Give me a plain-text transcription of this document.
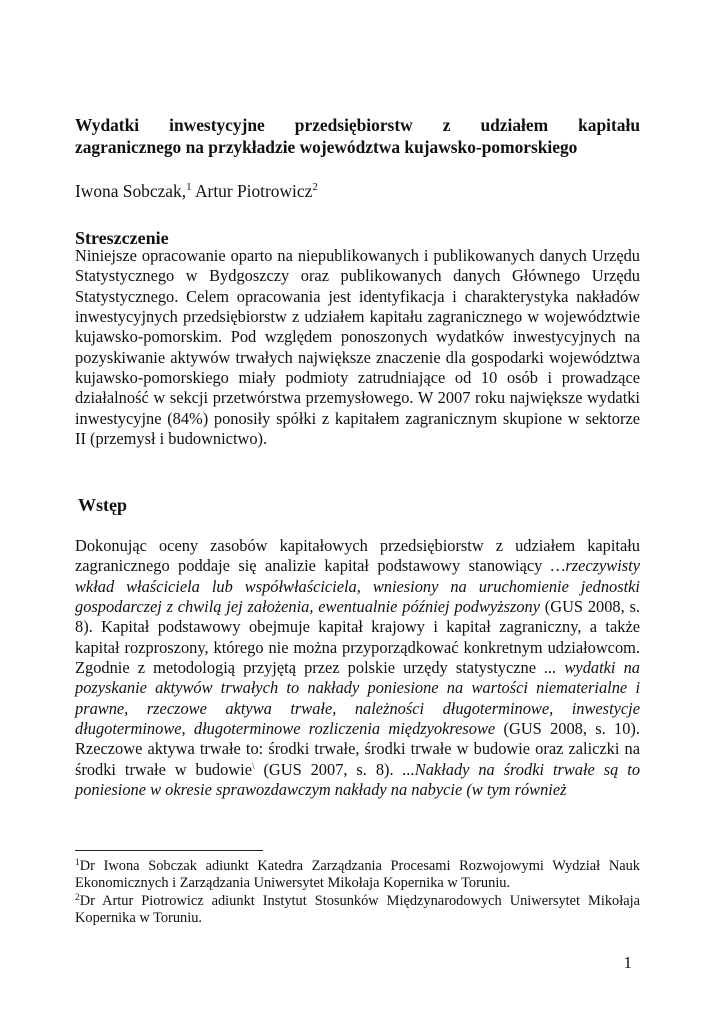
Wydatki inwestycyjne przedsiębiorstw z udziałem kapitału
zagranicznego na przykładzie województwa kujawsko-pomorskiego

Iwona Sobczak,$^1$ Artur Piotrowicz$^2$

Streszczenie

Niniejsze opracowanie oparto na niepublikowanych i publikowanych danych Urzędu Statystycznego w Bydgoszczy oraz publikowanych danych Głównego Urzędu Statystycznego. Celem opracowania jest identyfikacja i charakterystyka nakładów inwestycyjnych przedsiębiorstw z udziałem kapitału zagranicznego w województwie kujawsko-pomorskim. Pod względem ponoszonych wydatków inwestycyjnych na pozyskiwanie aktywów trwałych największe znaczenie dla gospodarki województwa kujawsko-pomorskiego miały podmioty zatrudniające od 10 osób i prowadzące działalność w sekcji przetwórstwa przemysłowego. W 2007 roku największe wydatki inwestycyjne (84%) ponosiły spółki z kapitałem zagranicznym skupione w sektorze II (przemysł i budownictwo).

Wstęp

Dokonując oceny zasobów kapitałowych przedsiębiorstw z udziałem kapitału zagranicznego poddaje się analizie kapitał podstawowy stanowiący …rzeczywisty wkład właściciela lub współwłaściciela, wniesiony na uruchomienie jednostki gospodarczej z chwilą jej założenia, ewentualnie później podwyższony (GUS 2008, s. 8). Kapitał podstawowy obejmuje kapitał krajowy i kapitał zagraniczny, a także kapitał rozproszony, którego nie można przyporządkować konkretnym udziałowcom. Zgodnie z metodologią przyjętą przez polskie urzędy statystyczne ... wydatki na pozyskanie aktywów trwałych to nakłady poniesione na wartości niematerialne i prawne, rzeczowe aktywa trwałe, należności długoterminowe, inwestycje długoterminowe, długoterminowe rozliczenia międzyokresowe (GUS 2008, s. 10). Rzeczowe aktywa trwałe to: środki trwałe, środki trwałe w budowie oraz zaliczki na środki trwałe w budowie\ (GUS 2007, s. 8). ...Nakłady na środki trwałe są to poniesione w okresie sprawozdawczym nakłady na nabycie (w tym również

$^1$Dr Iwona Sobczak adiunkt Katedra Zarządzania Procesami Rozwojowymi Wydział Nauk Ekonomicznych i Zarządzania Uniwersytet Mikołaja Kopernika w Toruniu.

$^2$Dr Artur Piotrowicz adiunkt Instytut Stosunków Międzynarodowych Uniwersytet Mikołaja Kopernika w Toruniu.

1
